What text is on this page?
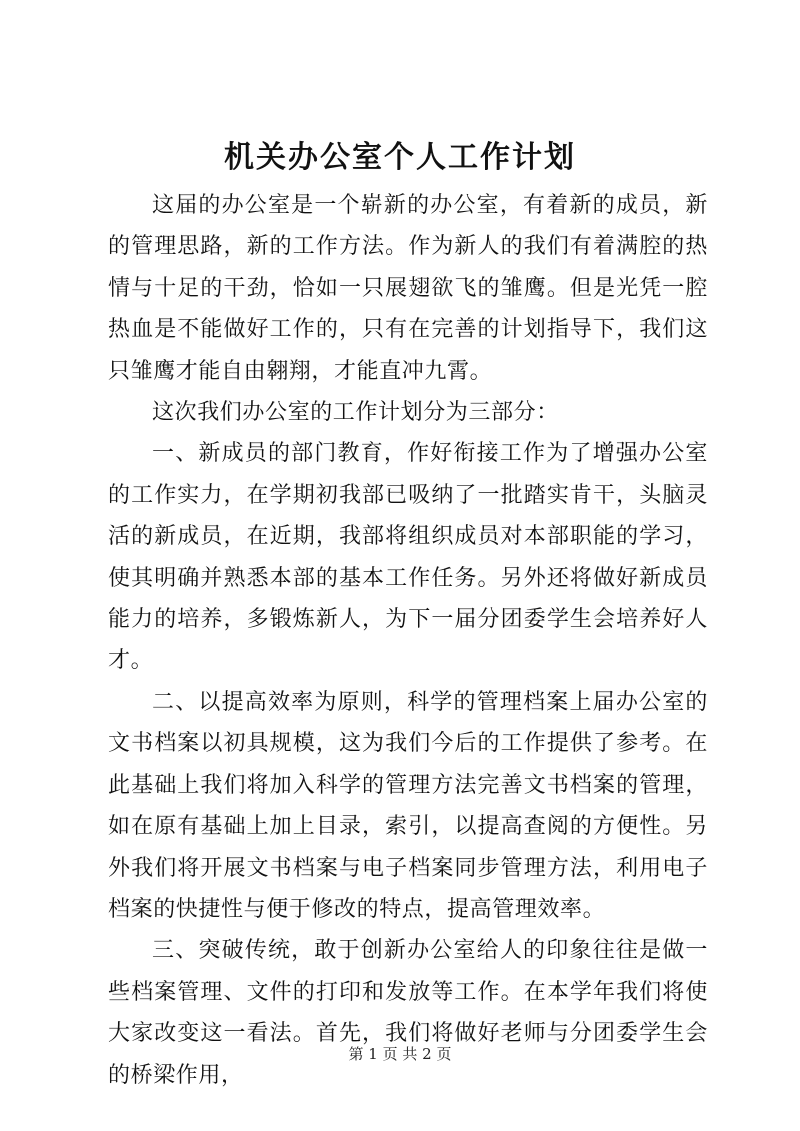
机关办公室个人工作计划

这届的办公室是一个崭新的办公室，有着新的成员，新的管理思路，新的工作方法。作为新人的我们有着满腔的热情与十足的干劲，恰如一只展翅欲飞的雏鹰。但是光凭一腔热血是不能做好工作的，只有在完善的计划指导下，我们这只雏鹰才能自由翱翔，才能直冲九霄。

这次我们办公室的工作计划分为三部分：

一、新成员的部门教育，作好衔接工作为了增强办公室的工作实力，在学期初我部已吸纳了一批踏实肯干，头脑灵活的新成员，在近期，我部将组织成员对本部职能的学习，使其明确并熟悉本部的基本工作任务。另外还将做好新成员能力的培养，多锻炼新人，为下一届分团委学生会培养好人才。

二、以提高效率为原则，科学的管理档案上届办公室的文书档案以初具规模，这为我们今后的工作提供了参考。在此基础上我们将加入科学的管理方法完善文书档案的管理，如在原有基础上加上目录，索引，以提高查阅的方便性。另外我们将开展文书档案与电子档案同步管理方法，利用电子档案的快捷性与便于修改的特点，提高管理效率。

三、突破传统，敢于创新办公室给人的印象往往是做一些档案管理、文件的打印和发放等工作。在本学年我们将使大家改变这一看法。首先，我们将做好老师与分团委学生会的桥梁作用，

第 1 页 共 2 页
